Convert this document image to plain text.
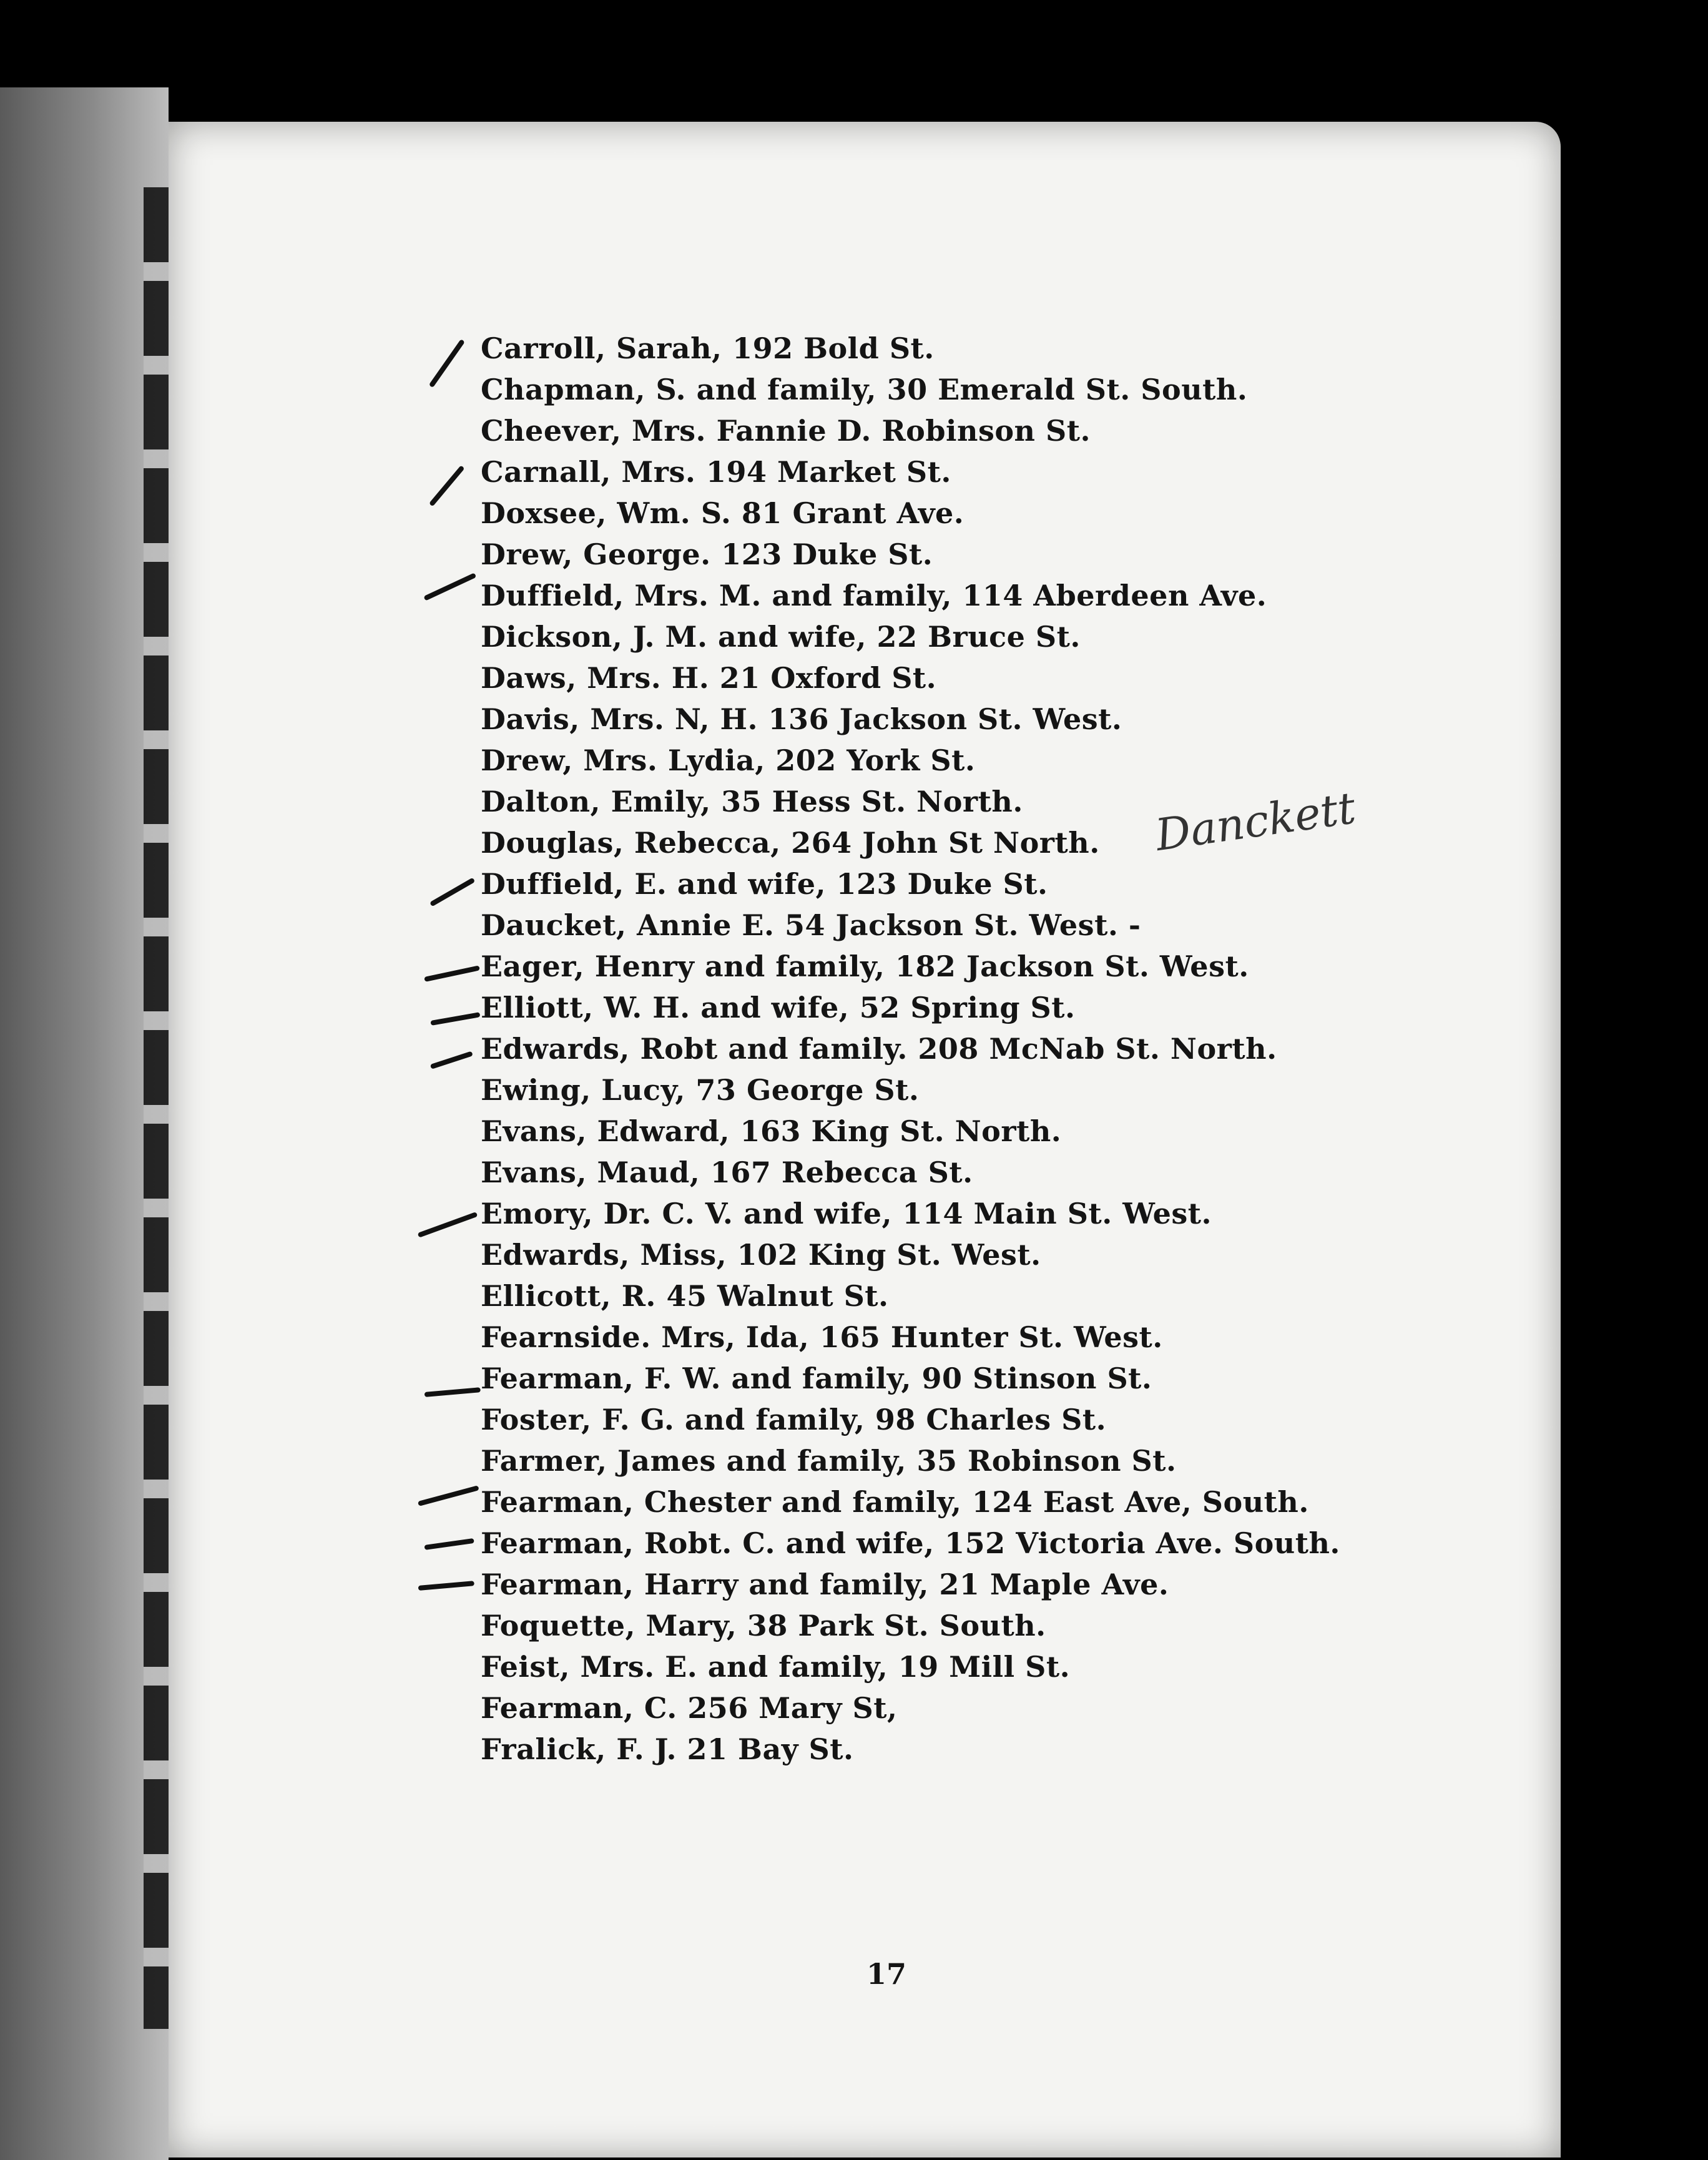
Carroll, Sarah, 192 Bold St.
Chapman, S. and family, 30 Emerald St. South.
Cheever, Mrs. Fannie D. Robinson St.
Carnall, Mrs. 194 Market St.
Doxsee, Wm. S. 81 Grant Ave.
Drew, George. 123 Duke St.
Duffield, Mrs. M. and family, 114 Aberdeen Ave.
Dickson, J. M. and wife, 22 Bruce St.
Daws, Mrs. H. 21 Oxford St.
Davis, Mrs. N, H. 136 Jackson St. West.
Drew, Mrs. Lydia, 202 York St.
Dalton, Emily, 35 Hess St. North.
Douglas, Rebecca, 264 John St North.
Duffield, E. and wife, 123 Duke St.
Daucket, Annie E. 54 Jackson St. West. -
Eager, Henry and family, 182 Jackson St. West.
Elliott, W. H. and wife, 52 Spring St.
Edwards, Robt and family. 208 McNab St. North.
Ewing, Lucy, 73 George St.
Evans, Edward, 163 King St. North.
Evans, Maud, 167 Rebecca St.
Emory, Dr. C. V. and wife, 114 Main St. West.
Edwards, Miss, 102 King St. West.
Ellicott, R. 45 Walnut St.
Fearnside. Mrs, Ida, 165 Hunter St. West.
Fearman, F. W. and family, 90 Stinson St.
Foster, F. G. and family, 98 Charles St.
Farmer, James and family, 35 Robinson St.
Fearman, Chester and family, 124 East Ave, South.
Fearman, Robt. C. and wife, 152 Victoria Ave. South.
Fearman, Harry and family, 21 Maple Ave.
Foquette, Mary, 38 Park St. South.
Feist, Mrs. E. and family, 19 Mill St.
Fearman, C. 256 Mary St,
Fralick, F. J. 21 Bay St.
Danckett
17
